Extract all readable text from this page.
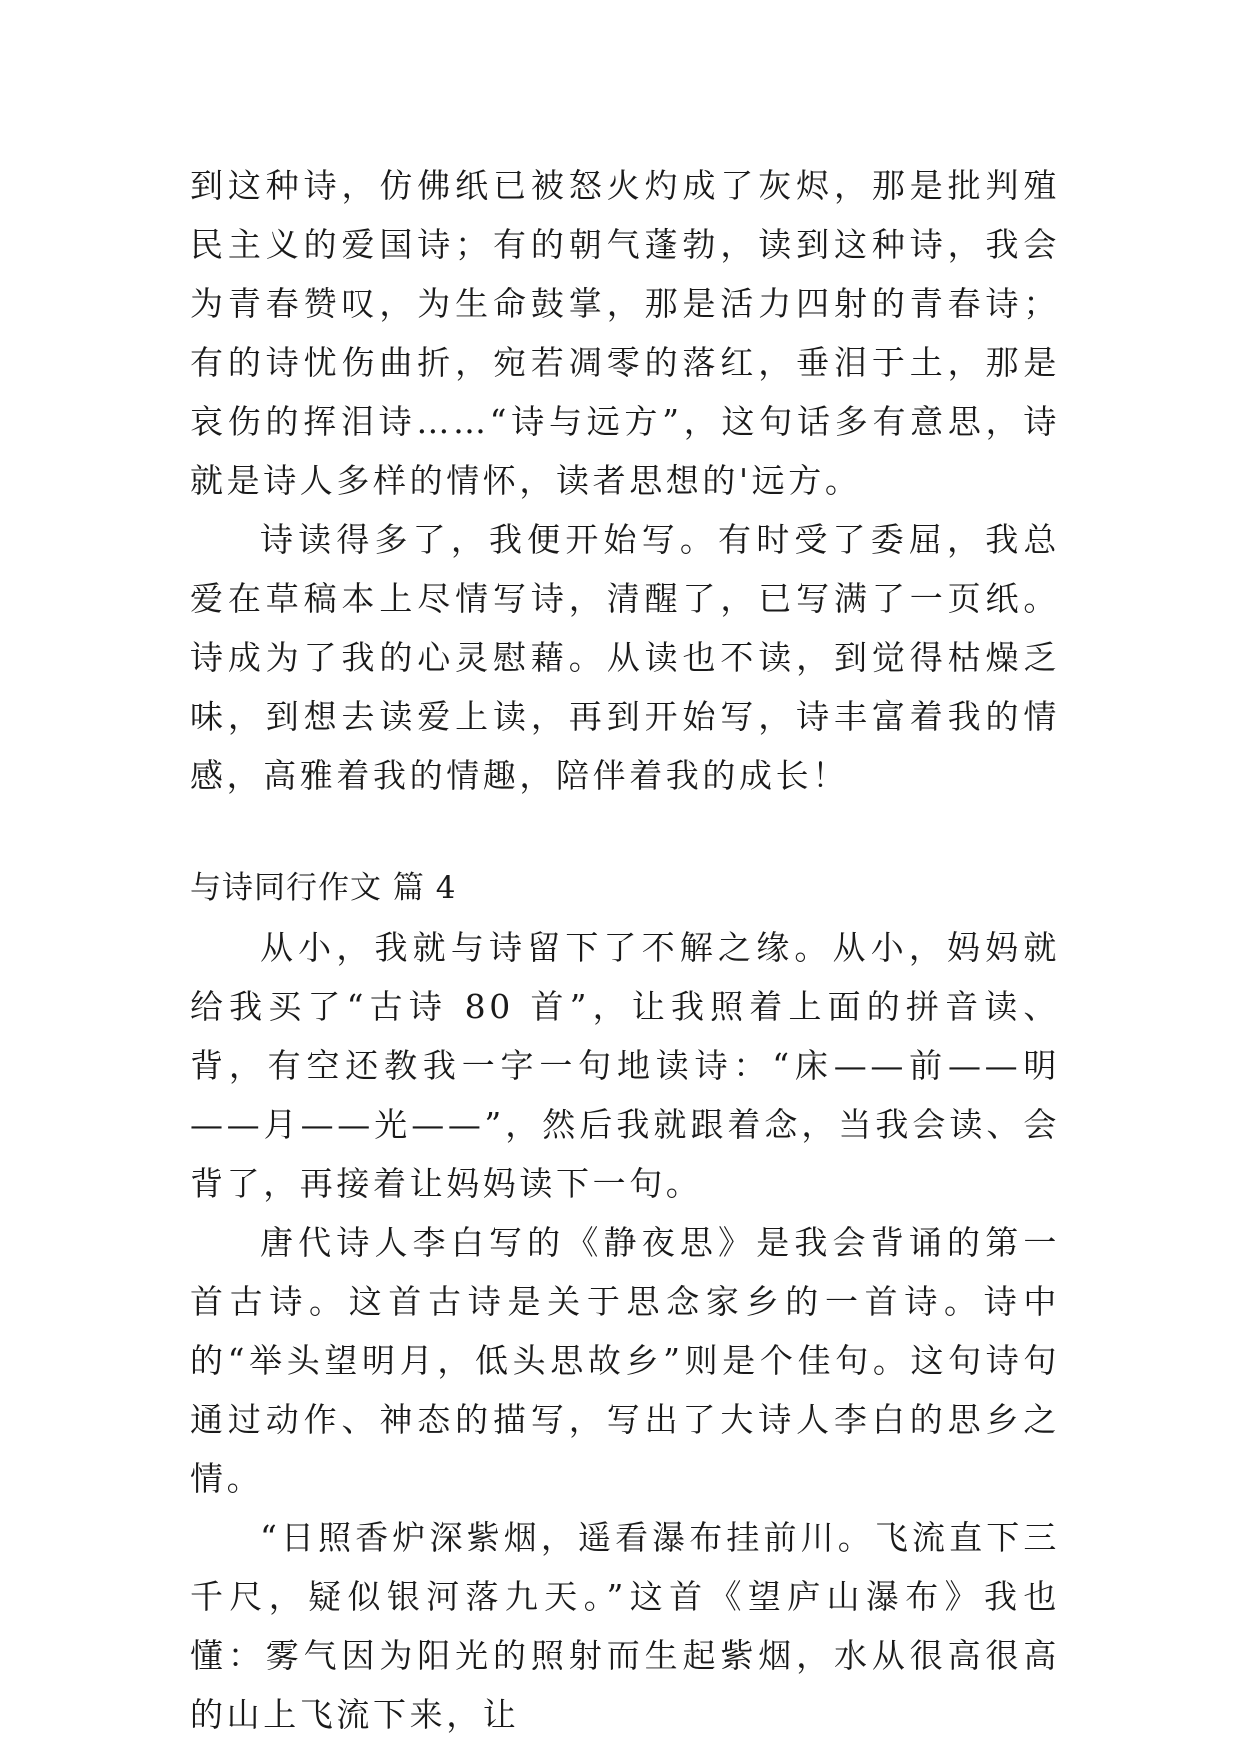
到这种诗，仿佛纸已被怒火灼成了灰烬，那是批判殖民主义的爱国诗；有的朝气蓬勃，读到这种诗，我会为青春赞叹，为生命鼓掌，那是活力四射的青春诗；有的诗忧伤曲折，宛若凋零的落红，垂泪于土，那是哀伤的挥泪诗……“诗与远方”，这句话多有意思，诗就是诗人多样的情怀，读者思想的'远方。

诗读得多了，我便开始写。有时受了委屈，我总爱在草稿本上尽情写诗，清醒了，已写满了一页纸。诗成为了我的心灵慰藉。从读也不读，到觉得枯燥乏味，到想去读爱上读，再到开始写，诗丰富着我的情感，高雅着我的情趣，陪伴着我的成长！

与诗同行作文 篇 4

从小，我就与诗留下了不解之缘。从小，妈妈就给我买了“古诗 80 首”，让我照着上面的拼音读、背，有空还教我一字一句地读诗：“床——前——明——月——光——”，然后我就跟着念，当我会读、会背了，再接着让妈妈读下一句。

唐代诗人李白写的《静夜思》是我会背诵的第一首古诗。这首古诗是关于思念家乡的一首诗。诗中的“举头望明月，低头思故乡”则是个佳句。这句诗句通过动作、神态的描写，写出了大诗人李白的思乡之情。

“日照香炉深紫烟，遥看瀑布挂前川。飞流直下三千尺，疑似银河落九天。”这首《望庐山瀑布》我也懂：雾气因为阳光的照射而生起紫烟，水从很高很高的山上飞流下来，让
